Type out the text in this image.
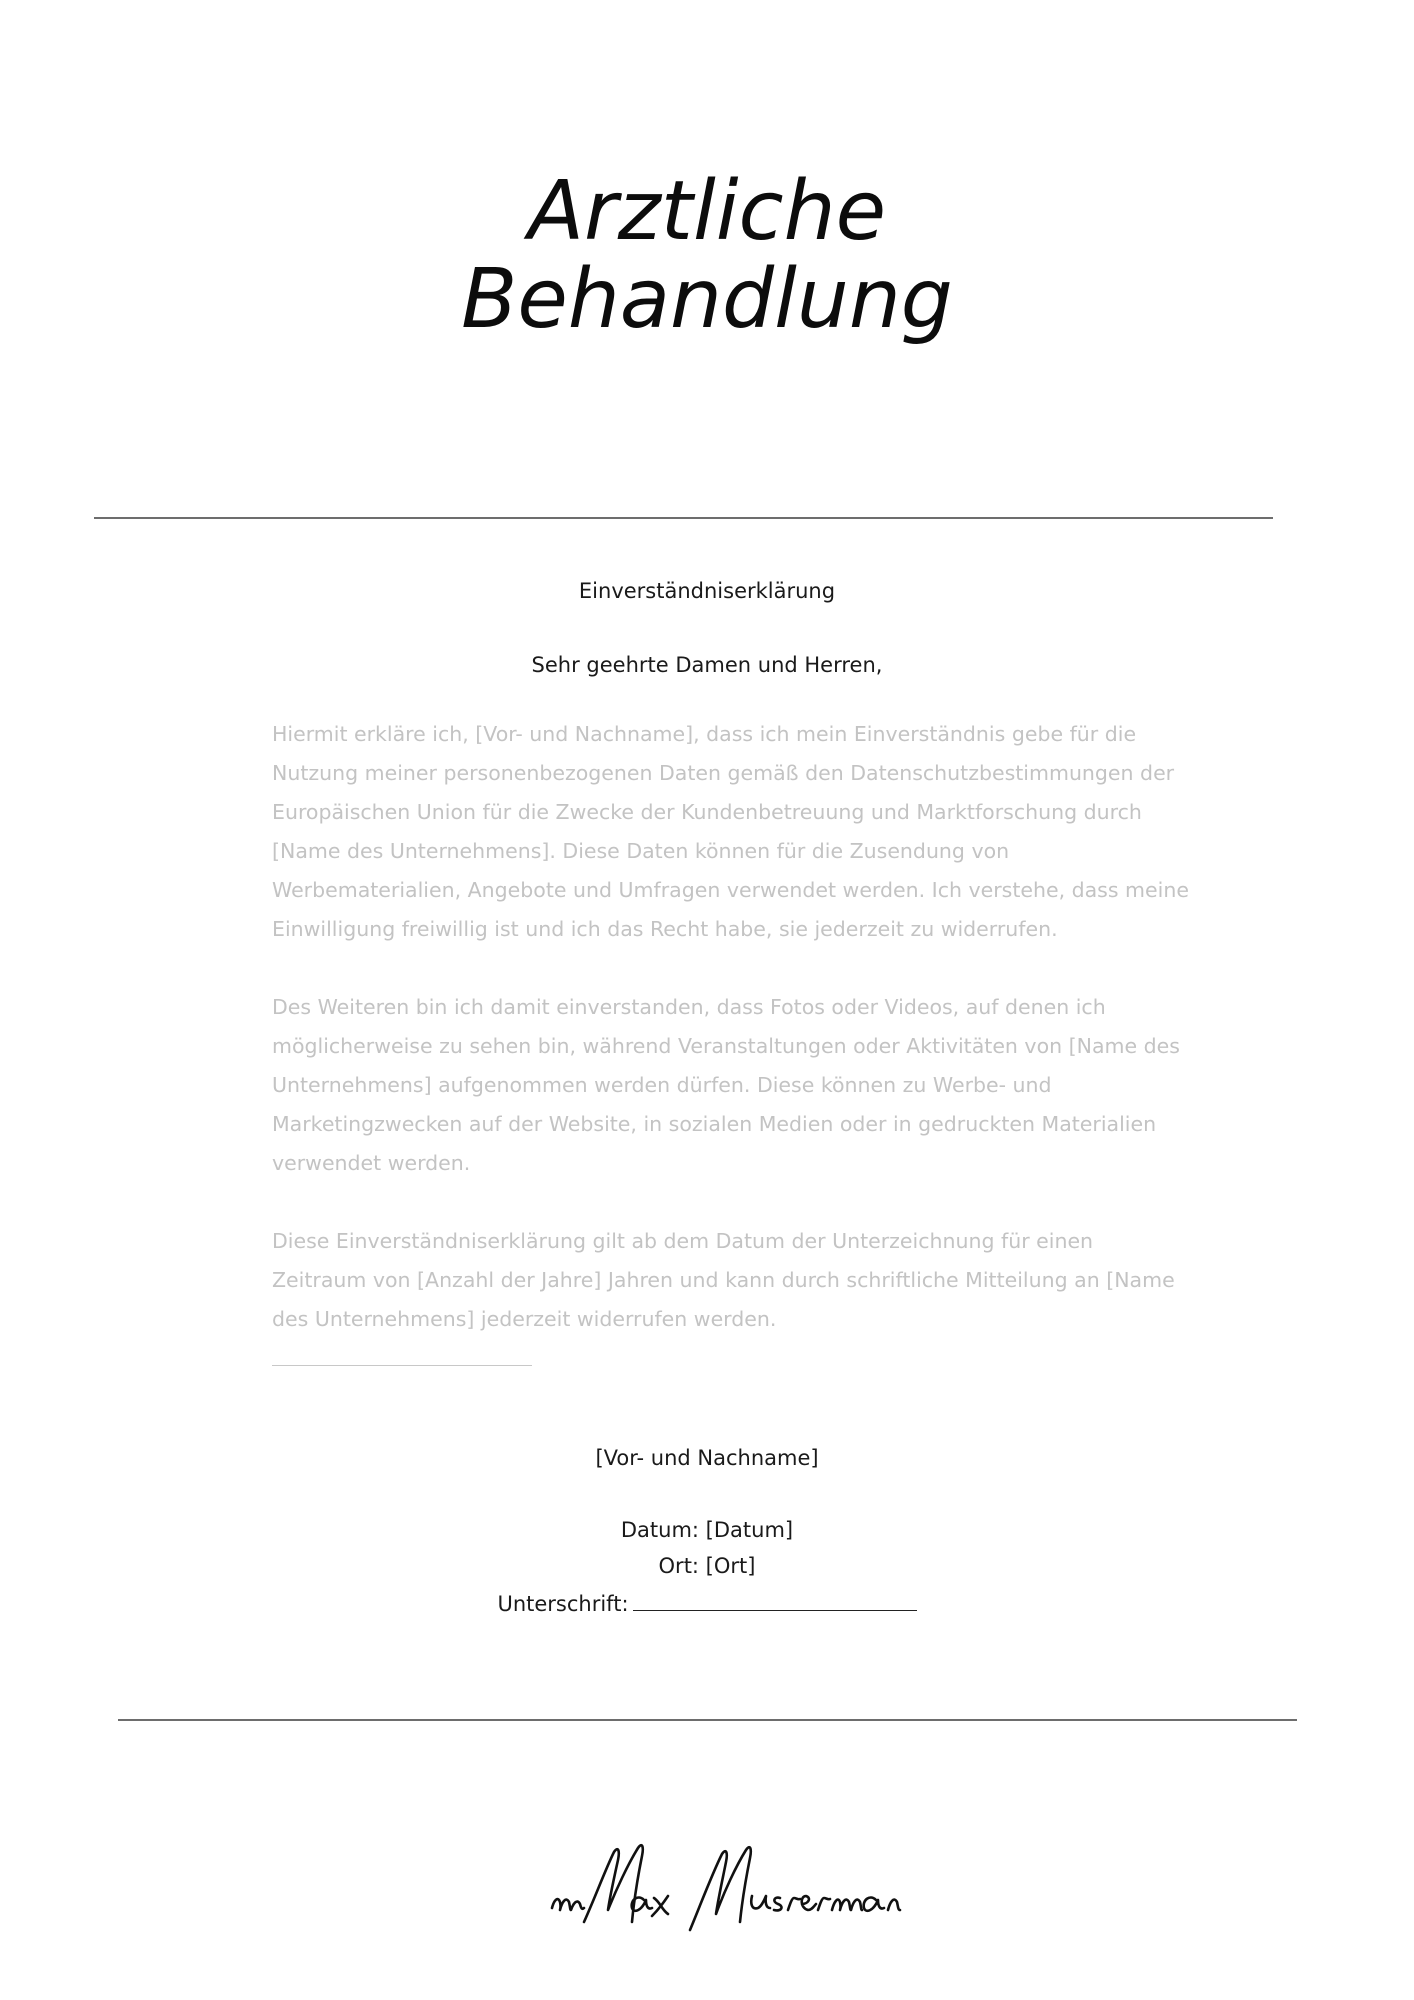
Arztliche
Behandlung
Einverständniserklärung
Sehr geehrte Damen und Herren,

Hiermit erkläre ich, [Vor- und Nachname], dass ich mein Einverständnis gebe für die Nutzung meiner personenbezogenen Daten gemäß den Datenschutzbestimmungen der Europäischen Union für die Zwecke der Kundenbetreuung und Marktforschung durch [Name des Unternehmens]. Diese Daten können für die Zusendung von Werbematerialien, Angebote und Umfragen verwendet werden. Ich verstehe, dass meine Einwilligung freiwillig ist und ich das Recht habe, sie jederzeit zu widerrufen.

Des Weiteren bin ich damit einverstanden, dass Fotos oder Videos, auf denen ich möglicherweise zu sehen bin, während Veranstaltungen oder Aktivitäten von [Name des Unternehmens] aufgenommen werden dürfen. Diese können zu Werbe- und Marketingzwecken auf der Website, in sozialen Medien oder in gedruckten Materialien verwendet werden.

Diese Einverständniserklärung gilt ab dem Datum der Unterzeichnung für einen Zeitraum von [Anzahl der Jahre] Jahren und kann durch schriftliche Mitteilung an [Name des Unternehmens] jederzeit widerrufen werden.

[Vor- und Nachname]
Datum: [Datum]
Ort: [Ort]
Unterschrift:
